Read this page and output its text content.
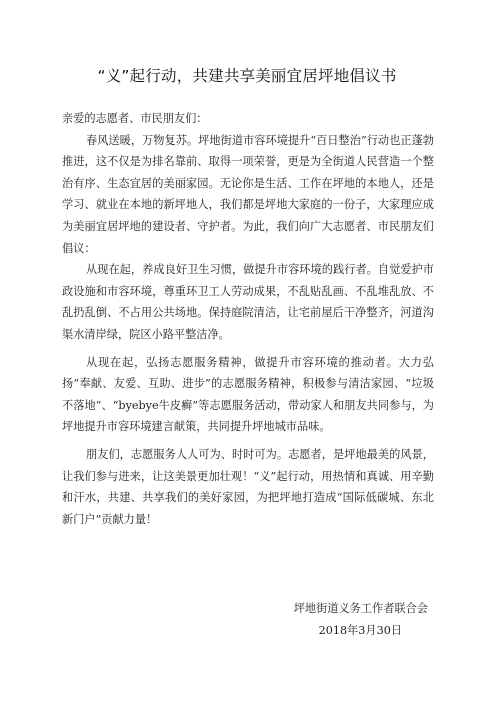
“义”起行动，共建共享美丽宜居坪地倡议书

亲爱的志愿者、市民朋友们：

春风送暖，万物复苏。坪地街道市容环境提升“百日整治”行动也正蓬勃推进，这不仅是为排名靠前、取得一项荣誉，更是为全街道人民营造一个整治有序、生态宜居的美丽家园。无论你是生活、工作在坪地的本地人，还是学习、就业在本地的新坪地人，我们都是坪地大家庭的一份子，大家理应成为美丽宜居坪地的建设者、守护者。为此，我们向广大志愿者、市民朋友们倡议：

从现在起，养成良好卫生习惯，做提升市容环境的践行者。自觉爱护市政设施和市容环境，尊重环卫工人劳动成果，不乱贴乱画、不乱堆乱放、不乱扔乱倒、不占用公共场地。保持庭院清洁，让宅前屋后干净整齐，河道沟渠水清岸绿，院区小路平整洁净。

从现在起，弘扬志愿服务精神，做提升市容环境的推动者。大力弘扬“奉献、友爱、互助、进步”的志愿服务精神，积极参与清洁家园、“垃圾不落地”、“byebye牛皮癣”等志愿服务活动，带动家人和朋友共同参与，为坪地提升市容环境建言献策，共同提升坪地城市品味。

朋友们，志愿服务人人可为、时时可为。志愿者，是坪地最美的风景，让我们参与进来，让这美景更加壮观！“义”起行动，用热情和真诚、用辛勤和汗水，共建、共享我们的美好家园，为把坪地打造成“国际低碳城、东北新门户”贡献力量！

坪地街道义务工作者联合会
2018年3月30日
